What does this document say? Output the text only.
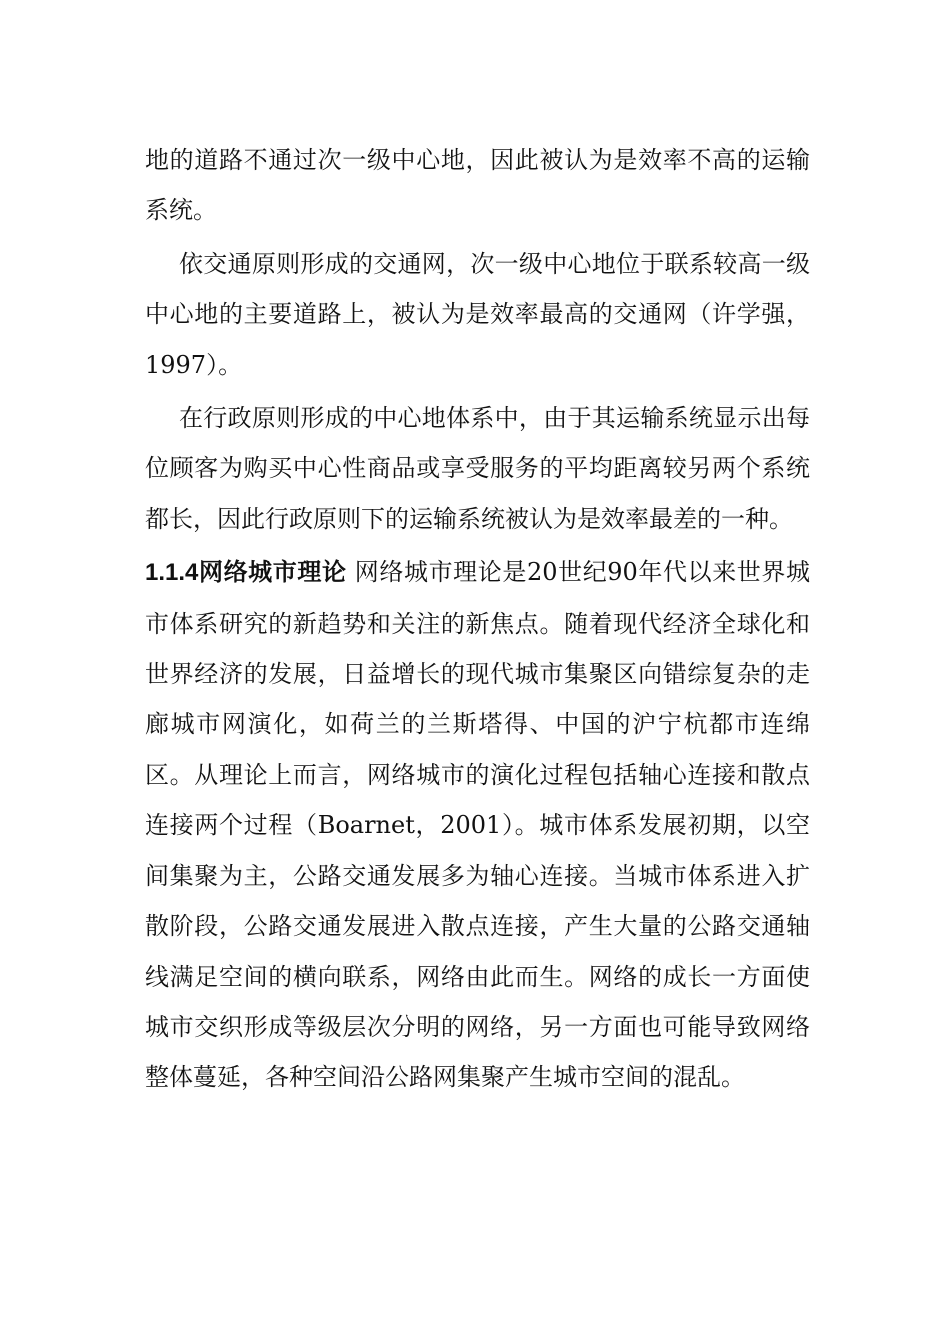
地的道路不通过次一级中心地，因此被认为是效率不高的运输系统。

依交通原则形成的交通网，次一级中心地位于联系较高一级中心地的主要道路上，被认为是效率最高的交通网（许学强，1997）。

在行政原则形成的中心地体系中，由于其运输系统显示出每位顾客为购买中心性商品或享受服务的平均距离较另两个系统都长，因此行政原则下的运输系统被认为是效率最差的一种。

1.1.4网络城市理论 网络城市理论是20世纪90年代以来世界城市体系研究的新趋势和关注的新焦点。随着现代经济全球化和世界经济的发展，日益增长的现代城市集聚区向错综复杂的走廊城市网演化，如荷兰的兰斯塔得、中国的沪宁杭都市连绵区。从理论上而言，网络城市的演化过程包括轴心连接和散点连接两个过程（Boarnet，2001）。城市体系发展初期，以空间集聚为主，公路交通发展多为轴心连接。当城市体系进入扩散阶段，公路交通发展进入散点连接，产生大量的公路交通轴线满足空间的横向联系，网络由此而生。网络的成长一方面使城市交织形成等级层次分明的网络，另一方面也可能导致网络整体蔓延，各种空间沿公路网集聚产生城市空间的混乱。
